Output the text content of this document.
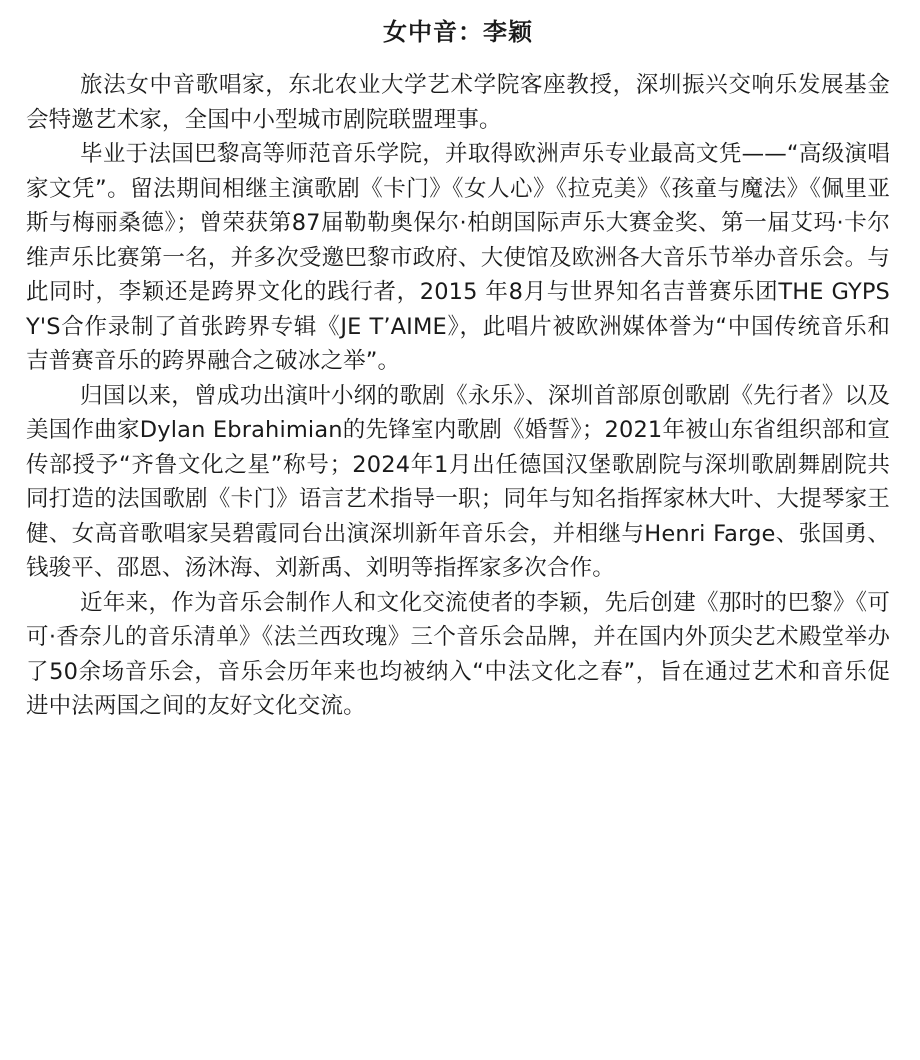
女中音：李颖

旅法女中音歌唱家，东北农业大学艺术学院客座教授，深圳振兴交响乐发展基金会特邀艺术家，全国中小型城市剧院联盟理事。

毕业于法国巴黎高等师范音乐学院，并取得欧洲声乐专业最高文凭——“高级演唱家文凭”。留法期间相继主演歌剧《卡门》《女人心》《拉克美》《孩童与魔法》《佩里亚斯与梅丽桑德》；曾荣获第87届勒勒奥保尔·柏朗国际声乐大赛金奖、第一届艾玛·卡尔维声乐比赛第一名，并多次受邀巴黎市政府、大使馆及欧洲各大音乐节举办音乐会。与此同时，李颖还是跨界文化的践行者，2015 年8月与世界知名吉普赛乐团THE GYPSY'S合作录制了首张跨界专辑《JE T’AIME》，此唱片被欧洲媒体誉为“中国传统音乐和吉普赛音乐的跨界融合之破冰之举”。

归国以来，曾成功出演叶小纲的歌剧《永乐》、深圳首部原创歌剧《先行者》以及美国作曲家Dylan Ebrahimian的先锋室内歌剧《婚誓》；2021年被山东省组织部和宣传部授予“齐鲁文化之星”称号；2024年1月出任德国汉堡歌剧院与深圳歌剧舞剧院共同打造的法国歌剧《卡门》语言艺术指导一职；同年与知名指挥家林大叶、大提琴家王健、女高音歌唱家吴碧霞同台出演深圳新年音乐会，并相继与Henri Farge、张国勇、钱骏平、邵恩、汤沐海、刘新禹、刘明等指挥家多次合作。

近年来，作为音乐会制作人和文化交流使者的李颖，先后创建《那时的巴黎》《可可·香奈儿的音乐清单》《法兰西玫瑰》三个音乐会品牌，并在国内外顶尖艺术殿堂举办了50余场音乐会，音乐会历年来也均被纳入“中法文化之春”，旨在通过艺术和音乐促进中法两国之间的友好文化交流。
